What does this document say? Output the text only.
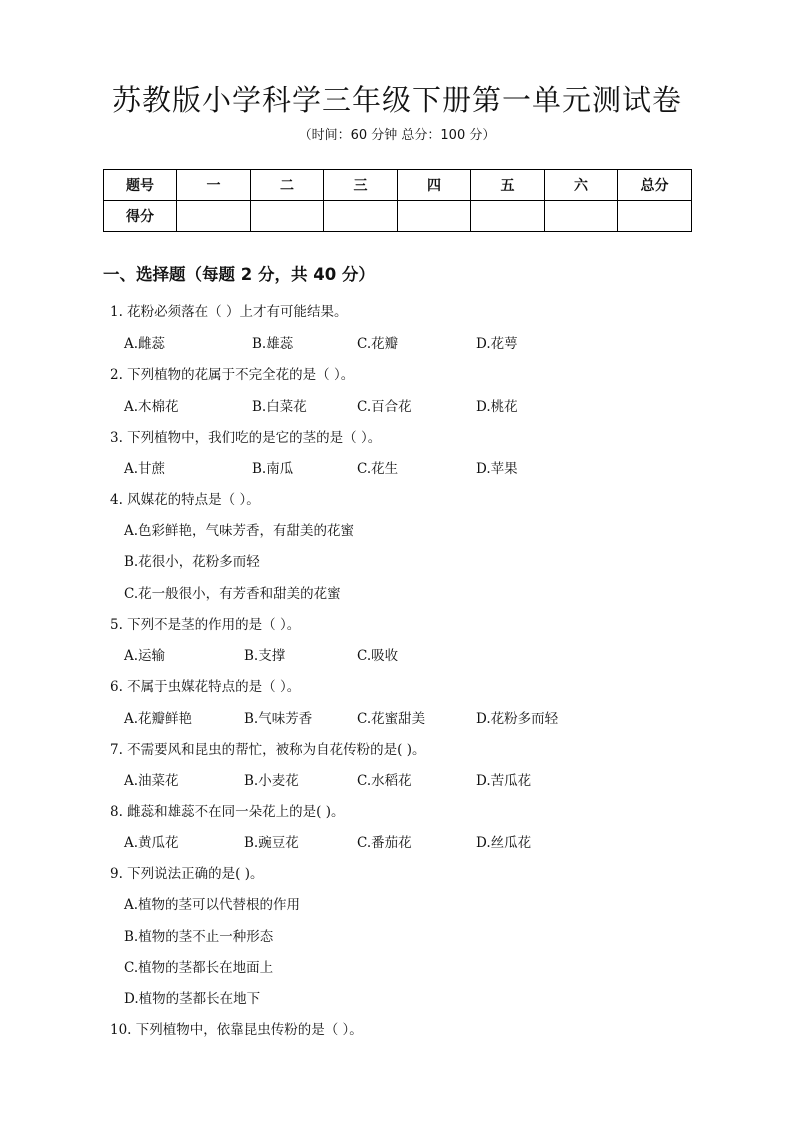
苏教版小学科学三年级下册第一单元测试卷
（时间：60 分钟 总分：100 分）
题号	一	二	三	四	五	六	总分
得分							
一、选择题（每题 2 分，共 40 分）
1. 花粉必须落在（ ）上才有可能结果。
A.雌蕊	B.雄蕊	C.花瓣	D.花萼
2. 下列植物的花属于不完全花的是（ ）。
A.木棉花	B.白菜花	C.百合花	D.桃花
3. 下列植物中，我们吃的是它的茎的是（ ）。
A.甘蔗	B.南瓜	C.花生	D.苹果
4. 风媒花的特点是（ ）。
A.色彩鲜艳，气味芳香，有甜美的花蜜
B.花很小，花粉多而轻
C.花一般很小，有芳香和甜美的花蜜
5. 下列不是茎的作用的是（ ）。
A.运输	B.支撑	C.吸收
6. 不属于虫媒花特点的是（ ）。
A.花瓣鲜艳	B.气味芳香	C.花蜜甜美	D.花粉多而轻
7. 不需要风和昆虫的帮忙，被称为自花传粉的是( )。
A.油菜花	B.小麦花	C.水稻花	D.苦瓜花
8. 雌蕊和雄蕊不在同一朵花上的是( )。
A.黄瓜花	B.豌豆花	C.番茄花	D.丝瓜花
9. 下列说法正确的是( )。
A.植物的茎可以代替根的作用
B.植物的茎不止一种形态
C.植物的茎都长在地面上
D.植物的茎都长在地下
10. 下列植物中，依靠昆虫传粉的是（ ）。
